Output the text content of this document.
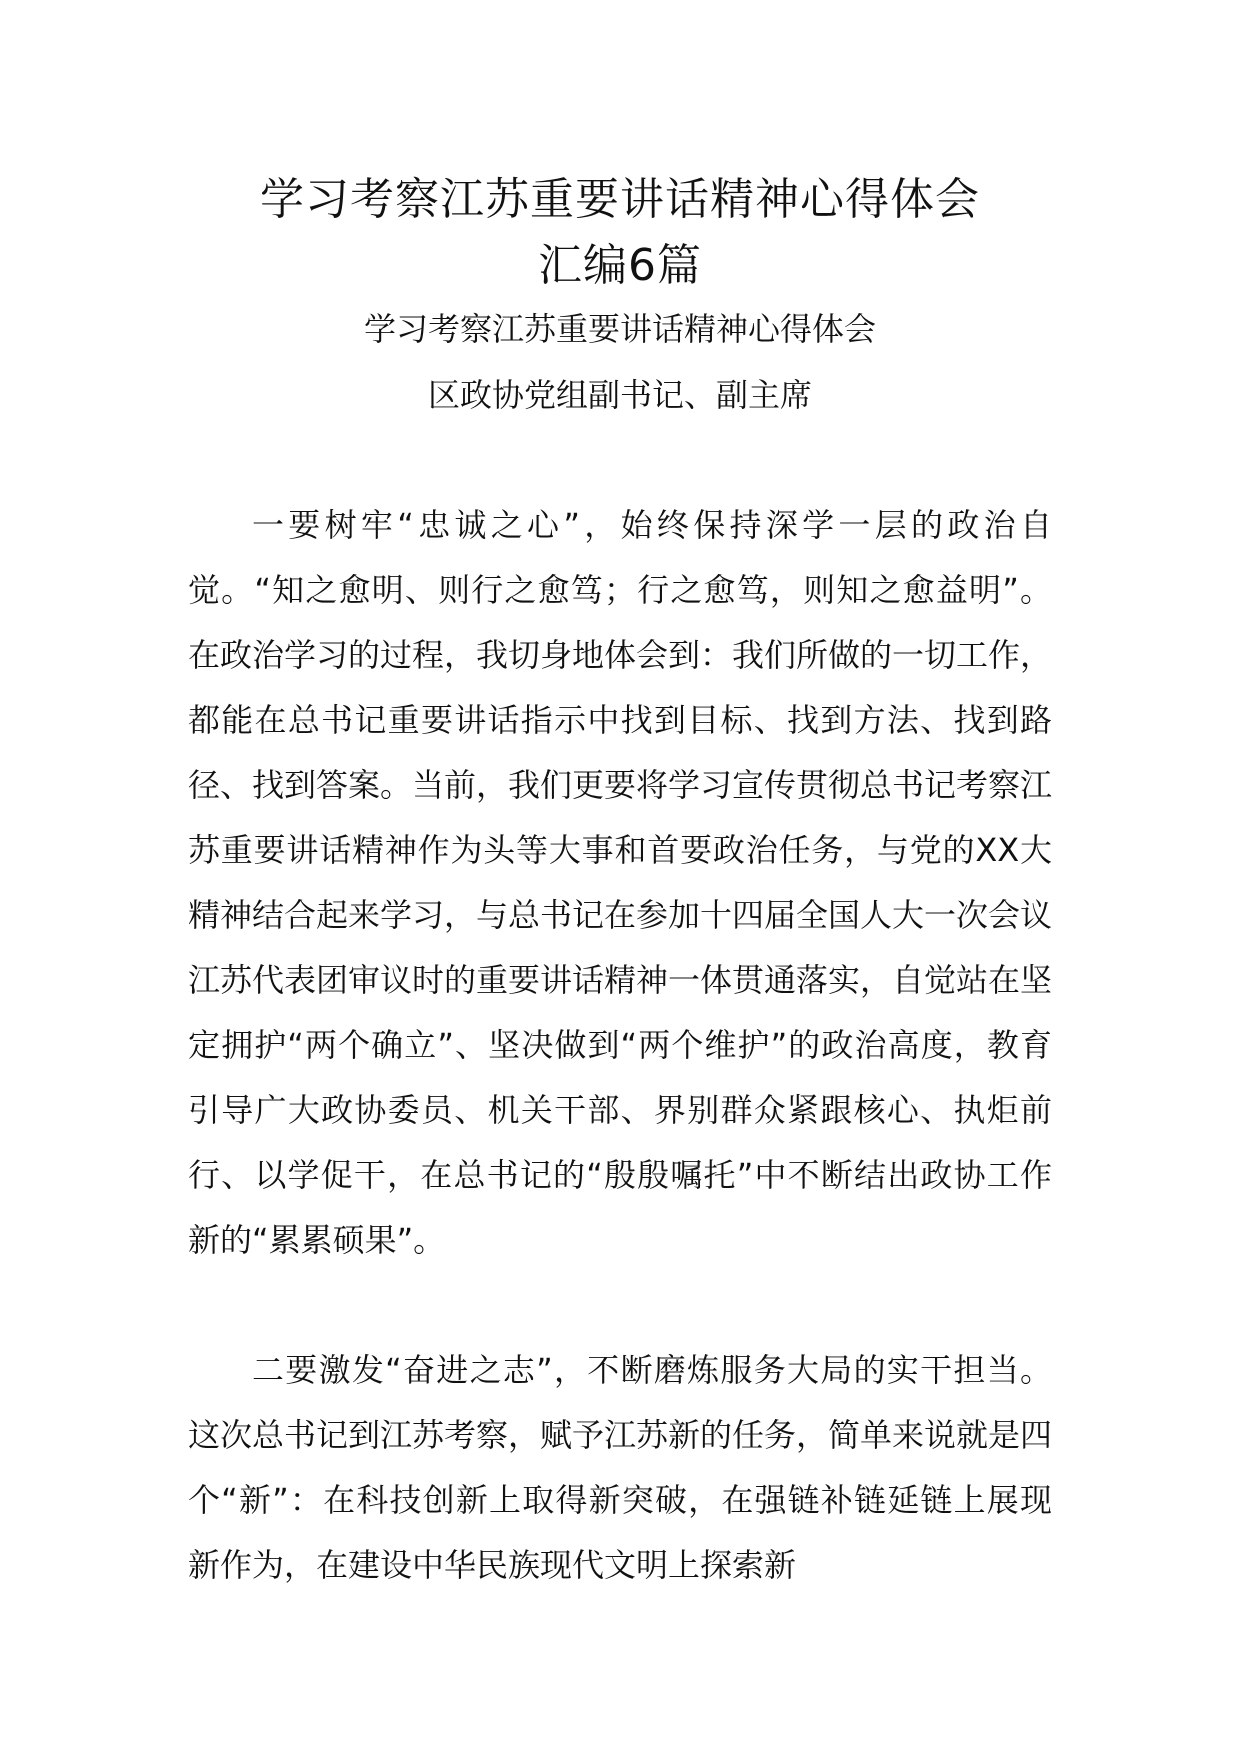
学习考察江苏重要讲话精神心得体会
汇编6篇
学习考察江苏重要讲话精神心得体会
区政协党组副书记、副主席

一要树牢“忠诚之心”，始终保持深学一层的政治自觉。“知之愈明、则行之愈笃；行之愈笃，则知之愈益明”。在政治学习的过程，我切身地体会到：我们所做的一切工作，都能在总书记重要讲话指示中找到目标、找到方法、找到路径、找到答案。当前，我们更要将学习宣传贯彻总书记考察江苏重要讲话精神作为头等大事和首要政治任务，与党的XX大精神结合起来学习，与总书记在参加十四届全国人大一次会议江苏代表团审议时的重要讲话精神一体贯通落实，自觉站在坚定拥护“两个确立”、坚决做到“两个维护”的政治高度，教育引导广大政协委员、机关干部、界别群众紧跟核心、执炬前行、以学促干，在总书记的“殷殷嘱托”中不断结出政协工作新的“累累硕果”。

二要激发“奋进之志”，不断磨炼服务大局的实干担当。这次总书记到江苏考察，赋予江苏新的任务，简单来说就是四个“新”：在科技创新上取得新突破，在强链补链延链上展现新作为，在建设中华民族现代文明上探索新
